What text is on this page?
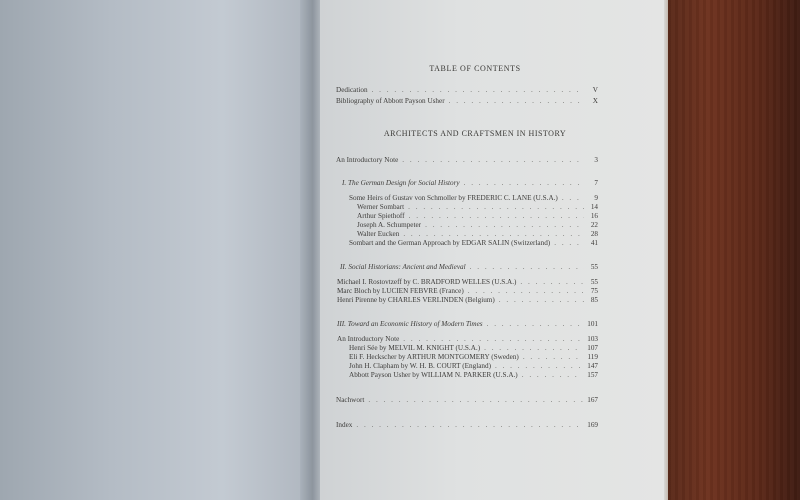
TABLE OF CONTENTS
Dedication . . .	V
Bibliography of Abbott Payson Usher . . .	X
ARCHITECTS AND CRAFTSMEN IN HISTORY
An Introductory Note . . .	3
I. The German Design for Social History . . .	7
Some Heirs of Gustav von Schmoller by FREDERIC C. LANE (U.S.A.) . . .	9
Werner Sombart . . .	14
Arthur Spiethoff . . .	16
Joseph A. Schumpeter . . .	22
Walter Eucken . . .	28
Sombart and the German Approach by EDGAR SALIN (Switzerland) . . .	41
II. Social Historians: Ancient and Medieval . . .	55
Michael I. Rostovtzeff by C. BRADFORD WELLES (U.S.A.) . . .	55
Marc Bloch by LUCIEN FEBVRE (France) . . .	75
Henri Pirenne by CHARLES VERLINDEN (Belgium) . . .	85
III. Toward an Economic History of Modern Times . . .	101
An Introductory Note . . .	103
Henri Sée by MELVIL M. KNIGHT (U.S.A.) . . .	107
Eli F. Heckscher by ARTHUR MONTGOMERY (Sweden) . . .	119
John H. Clapham by W. H. B. COURT (England) . . .	147
Abbott Payson Usher by WILLIAM N. PARKER (U.S.A.) . . .	157
Nachwort . . .	167
Index . . .	169
